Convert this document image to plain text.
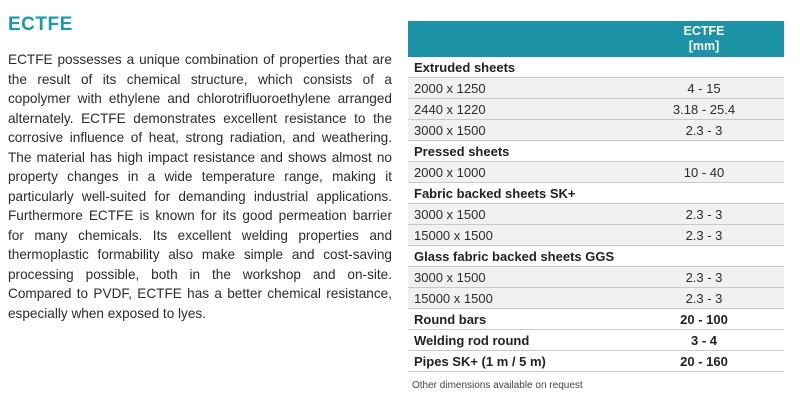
ECTFE

ECTFE possesses a unique combination of properties that are the result of its chemical structure, which consists of a copolymer with ethylene and chlorotrifluoroethylene arranged alternately. ECTFE demonstrates excellent resistance to the corrosive influence of heat, strong radiation, and weathering. The material has high impact resistance and shows almost no property changes in a wide temperature range, making it particularly well-suited for demanding industrial applications. Furthermore ECTFE is known for its good permeation barrier for many chemicals. Its excellent welding properties and thermoplastic formability also make simple and cost-saving processing possible, both in the workshop and on-site. Compared to PVDF, ECTFE has a better chemical resistance, especially when exposed to lyes.

	ECTFE
[mm]

Extruded sheets	
2000 x 1250	4 - 15
2440 x 1220	3.18 - 25.4
3000 x 1500	2.3 - 3
Pressed sheets	
2000 x 1000	10 - 40
Fabric backed sheets SK+	
3000 x 1500	2.3 - 3
15000 x 1500	2.3 - 3
Glass fabric backed sheets GGS	
3000 x 1500	2.3 - 3
15000 x 1500	2.3 - 3
Round bars	20 - 100
Welding rod round	3 - 4
Pipes SK+ (1 m / 5 m)	20 - 160
Other dimensions available on request
